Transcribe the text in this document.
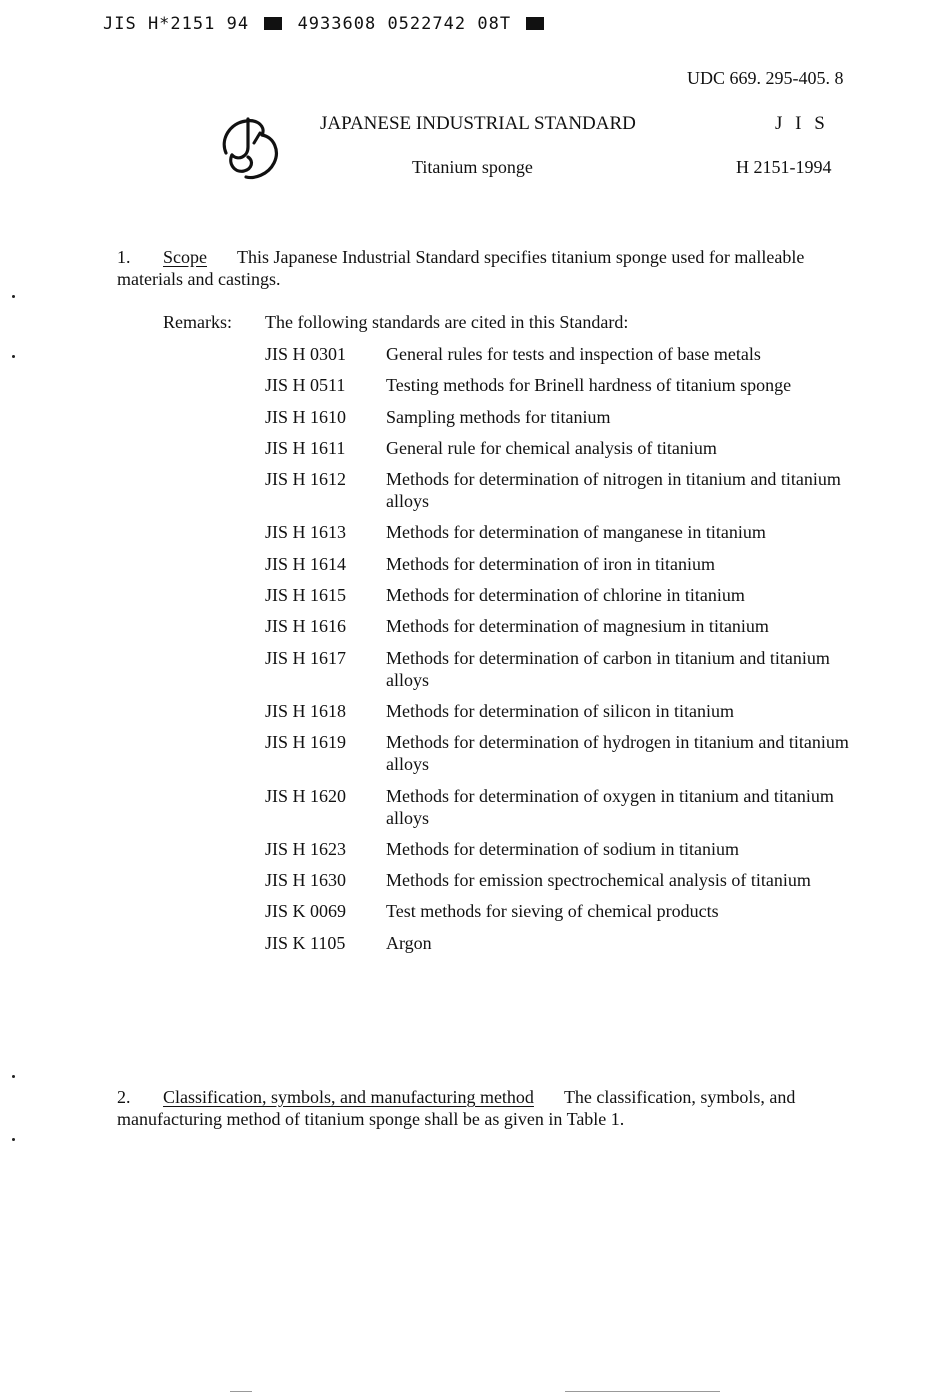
JIS H*2151 94	4933608 0522742 08T
UDC 669. 295-405. 8
JAPANESE INDUSTRIAL STANDARD	J I S
Titanium sponge	H 2151-1994
1. Scope This Japanese Industrial Standard specifies titanium sponge used for malleable materials and castings.
Remarks: The following standards are cited in this Standard:
JIS H 0301	General rules for tests and inspection of base metals
JIS H 0511	Testing methods for Brinell hardness of titanium sponge
JIS H 1610	Sampling methods for titanium
JIS H 1611	General rule for chemical analysis of titanium
JIS H 1612	Methods for determination of nitrogen in titanium and titanium alloys
JIS H 1613	Methods for determination of manganese in titanium
JIS H 1614	Methods for determination of iron in titanium
JIS H 1615	Methods for determination of chlorine in titanium
JIS H 1616	Methods for determination of magnesium in titanium
JIS H 1617	Methods for determination of carbon in titanium and titanium alloys
JIS H 1618	Methods for determination of silicon in titanium
JIS H 1619	Methods for determination of hydrogen in titanium and titanium alloys
JIS H 1620	Methods for determination of oxygen in titanium and titanium alloys
JIS H 1623	Methods for determination of sodium in titanium
JIS H 1630	Methods for emission spectrochemical analysis of titanium
JIS K 0069	Test methods for sieving of chemical products
JIS K 1105	Argon
2. Classification, symbols, and manufacturing method The classification, symbols, and manufacturing method of titanium sponge shall be as given in Table 1.
